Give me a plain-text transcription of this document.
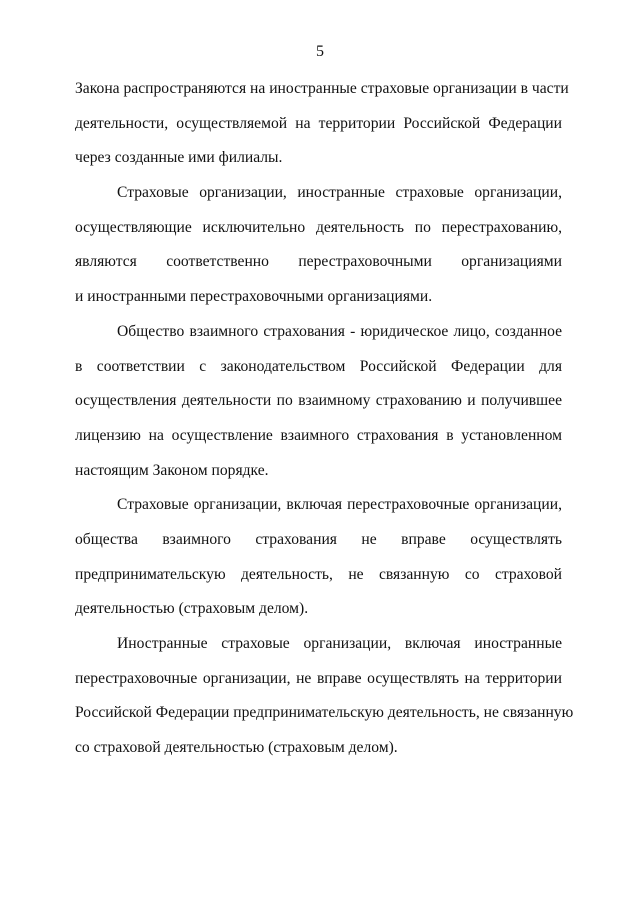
5
Закона распространяются на иностранные страховые организации в части
деятельности, осуществляемой на территории Российской Федерации
через созданные ими филиалы.
Страховые организации, иностранные страховые организации,
осуществляющие исключительно деятельность по перестрахованию,
являются соответственно перестраховочными организациями
и иностранными перестраховочными организациями.
Общество взаимного страхования - юридическое лицо, созданное
в соответствии с законодательством Российской Федерации для
осуществления деятельности по взаимному страхованию и получившее
лицензию на осуществление взаимного страхования в установленном
настоящим Законом порядке.
Страховые организации, включая перестраховочные организации,
общества взаимного страхования не вправе осуществлять
предпринимательскую деятельность, не связанную со страховой
деятельностью (страховым делом).
Иностранные страховые организации, включая иностранные
перестраховочные организации, не вправе осуществлять на территории
Российской Федерации предпринимательскую деятельность, не связанную
со страховой деятельностью (страховым делом).
